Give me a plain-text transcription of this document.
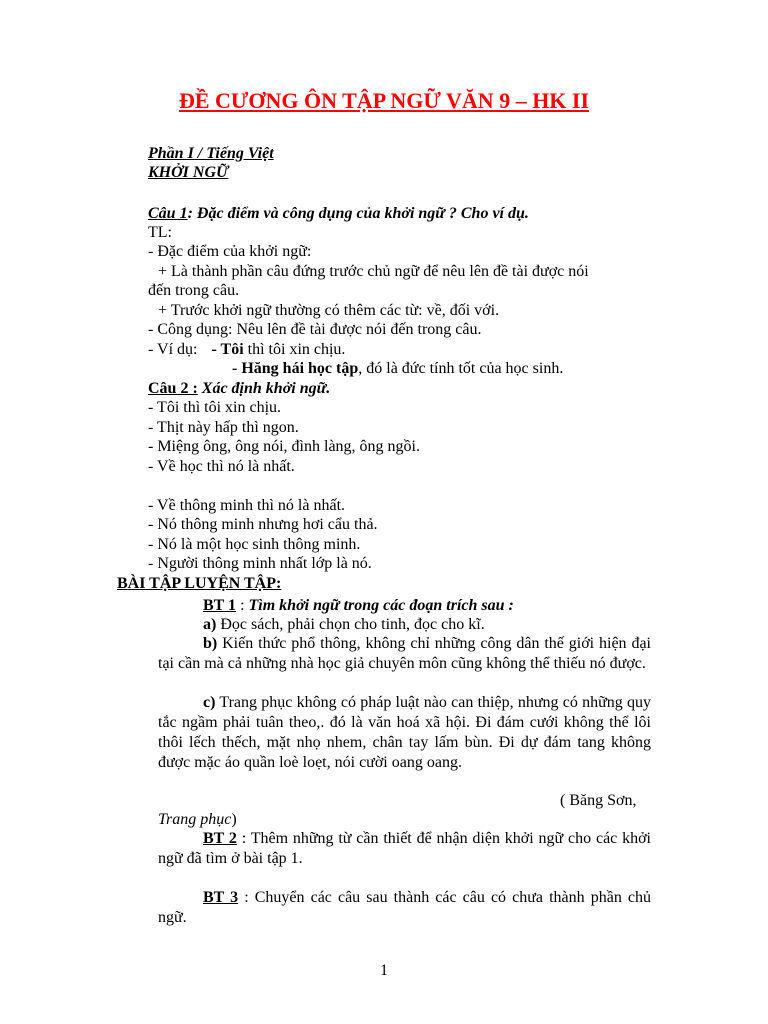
ĐỀ CƯƠNG ÔN TẬP NGỮ VĂN 9 – HK II
Phần I / Tiếng Việt
KHỞI NGỮ
Câu 1: Đặc điểm và công dụng của khởi ngữ ? Cho ví dụ.
TL:
- Đặc điểm của khởi ngữ:
+ Là thành phần câu đứng trước chủ ngữ để nêu lên đề tài được nói
đến trong câu.
+ Trước khởi ngữ thường có thêm các từ: về, đối với.
- Công dụng: Nêu lên đề tài được nói đến trong câu.
- Ví dụ: - Tôi thì tôi xin chịu.
- Hăng hái học tập, đó là đức tính tốt của học sinh.
Câu 2 : Xác định khởi ngữ.
- Tôi thì tôi xin chịu.
- Thịt này hấp thì ngon.
- Miệng ông, ông nói, đình làng, ông ngồi.
- Về học thì nó là nhất.
- Về thông minh thì nó là nhất.
- Nó thông minh nhưng hơi cẩu thả.
- Nó là một học sinh thông minh.
- Người thông minh nhất lớp là nó.
BÀI TẬP LUYỆN TẬP:
BT 1 : Tìm khởi ngữ trong các đoạn trích sau :
a) Đọc sách, phải chọn cho tinh, đọc cho kĩ.
b) Kiến thức phổ thông, không chỉ những công dân thế giới hiện đại tại cần mà cả những nhà học giả chuyên môn cũng không thể thiếu nó được.
c) Trang phục không có pháp luật nào can thiệp, nhưng có những quy tắc ngầm phải tuân theo,. đó là văn hoá xã hội. Đi đám cưới không thể lôi thôi lếch thếch, mặt nhọ nhem, chân tay lấm bùn. Đi dự đám tang không được mặc áo quần loè loẹt, nói cười oang oang.
( Băng Sơn,
Trang phục)
BT 2 : Thêm những từ cần thiết để nhận diện khởi ngữ cho các khởi ngữ đã tìm ở bài tập 1.
BT 3 : Chuyển các câu sau thành các câu có chưa thành phần chủ ngữ.
1
